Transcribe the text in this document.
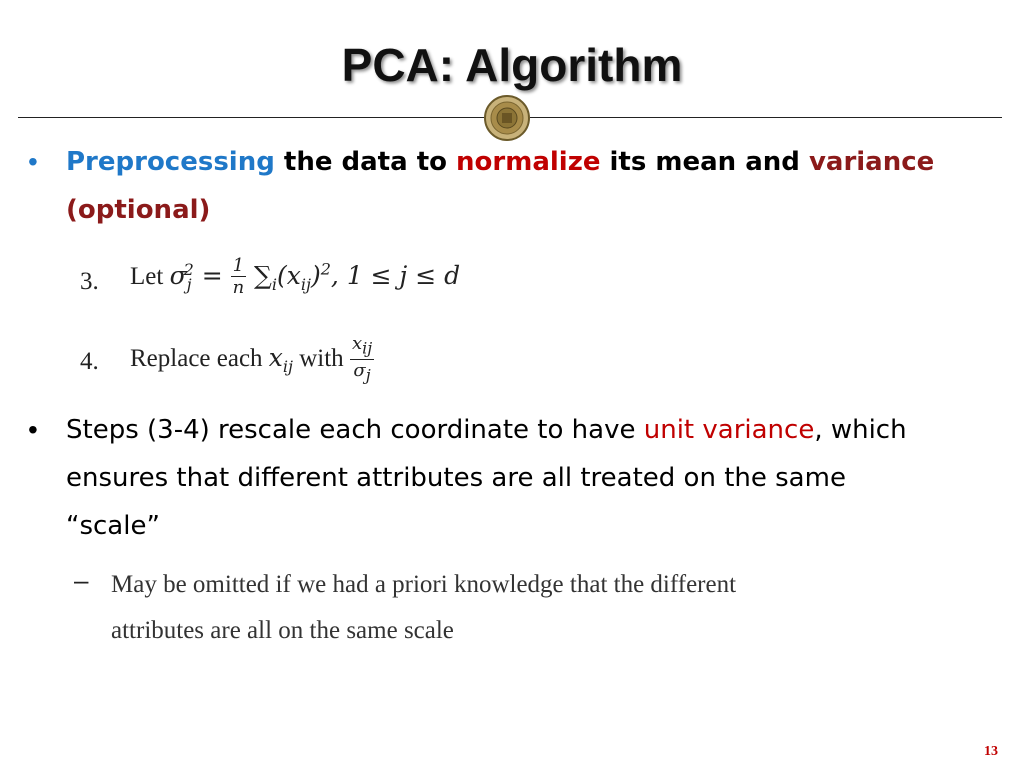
PCA: Algorithm
• Preprocessing the data to normalize its mean and variance
(optional)
3. Let $\sigma_j^2 = \frac{1}{n} \sum_i(x_{ij})^2$, 1 ≤ j ≤ d
4. Replace each $x_{ij}$ with $\frac{x_{ij}}{\sigma_j}$
• Steps (3-4) rescale each coordinate to have unit variance, which
ensures that different attributes are all treated on the same
“scale”
– May be omitted if we had a priori knowledge that the different
attributes are all on the same scale
13
